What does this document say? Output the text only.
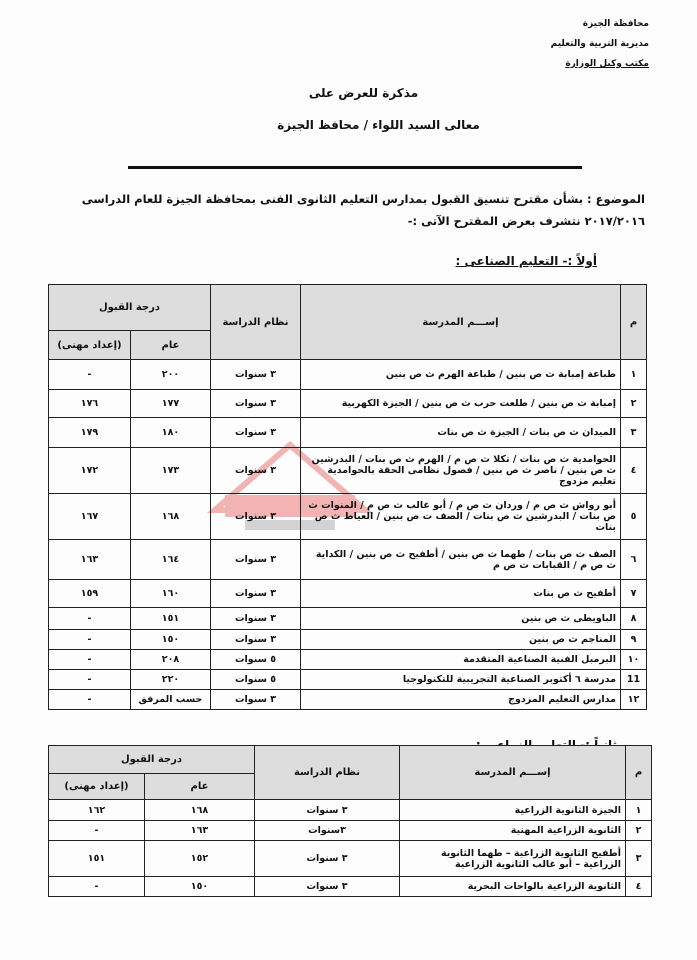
محافظة الجيزة
مديرية التربية والتعليم
مكتب وكيل الوزارة
مذكرة للعرض على
معالى السيد اللواء / محافظ الجيزة
الموضوع : بشأن مقترح تنسيق القبول بمدارس التعليم الثانوى الفنى بمحافظة الجيزة للعام الدراسى
٢٠١٧/٢٠١٦ نتشرف بعرض المقترح الآتى :-
أولاً :- التعليم الصناعى :
م	إســـم المدرسة	نظام الدراسة	درجة القبول	
			عام	(إعداد مهنى)
١	طباعة إمبابة ث ص بنين / طباعة الهرم ث ص بنين	٣ سنوات	٢٠٠	-
٢	إمبابة ث ص بنين / طلعت حرب ث ص بنين / الجيزة الكهربية	٣ سنوات	١٧٧	١٧٦
٣	الميدان ث ص بنات / الجيزة ث ص بنات	٣ سنوات	١٨٠	١٧٩
٤	الحوامدية ث ص بنات / تكلا ث ص م / الهرم ث ص بنات / البدرشين ث ص بنين / ناصر ث ص بنين / فصول نظامى الحقة بالحوامدية تعليم مزدوج	٣ سنوات	١٧٣	١٧٢
٥	أبو رواش ث ص م / وردان ث ص م / أبو غالب ث ص م / المنوات ث ص بنات / البدرشين ث ص بنات / الصف ث ص بنين / العياط ث ص بنات	٣ سنوات	١٦٨	١٦٧
٦	الصف ث ص بنات / طهما ث ص بنين / أطفيح ث ص بنين / الكداية ث ص م / القبابات ث ص م	٣ سنوات	١٦٤	١٦٣
٧	أطفيح ث ص بنات	٣ سنوات	١٦٠	١٥٩
٨	الباويطى ث ص بنين	٣ سنوات	١٥١	-
٩	المناجم ث ص بنين	٣ سنوات	١٥٠	-
١٠	البرمبل الفنية الصناعية المتقدمة	٥ سنوات	٢٠٨	-
11	مدرسة ٦ أكتوبر الصناعية التجريبية للتكنولوجيا	٥ سنوات	٢٢٠	-
١٢	مدارس التعليم المزدوج	٣ سنوات	حسب المرفق	-
م	إســـم المدرسة	نظام الدراسة	درجة القبول	
			عام	(إعداد مهنى)
١	الجيزة الثانوية الزراعية	٣ سنوات	١٦٨	١٦٢
٢	الثانوية الزراعية المهنية	٣سنوات	١٦٣	-
٣	أطفيح الثانوية الزراعية – طهما الثانوية الزراعية – أبو غالب الثانوية الزراعية	٣ سنوات	١٥٢	١٥١
٤	الثانوية الزراعية بالواحات البحرية	٣ سنوات	١٥٠	-
